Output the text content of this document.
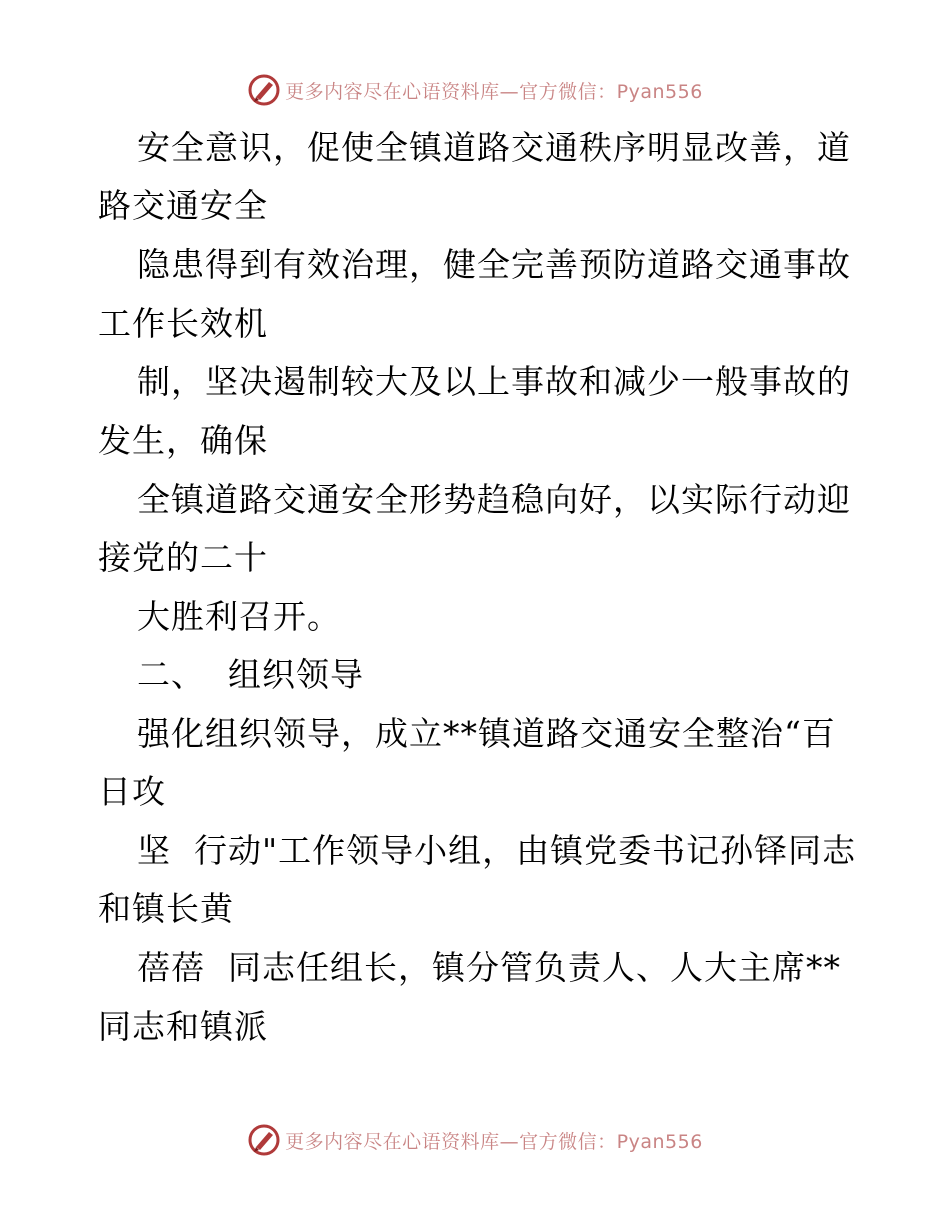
更多内容尽在心语资料库—官方微信：Pyan556
安全意识，促使全镇道路交通秩序明显改善，道
路交通安全
隐患得到有效治理，健全完善预防道路交通事故
工作长效机
制，坚决遏制较大及以上事故和减少一般事故的
发生，确保
全镇道路交通安全形势趋稳向好，以实际行动迎
接党的二十
大胜利召开。
二、  组织领导
强化组织领导，成立**镇道路交通安全整治“百
日攻
坚  行动"工作领导小组，由镇党委书记孙铎同志
和镇长黄
蓓蓓  同志任组长，镇分管负责人、人大主席**
同志和镇派
更多内容尽在心语资料库—官方微信：Pyan556
